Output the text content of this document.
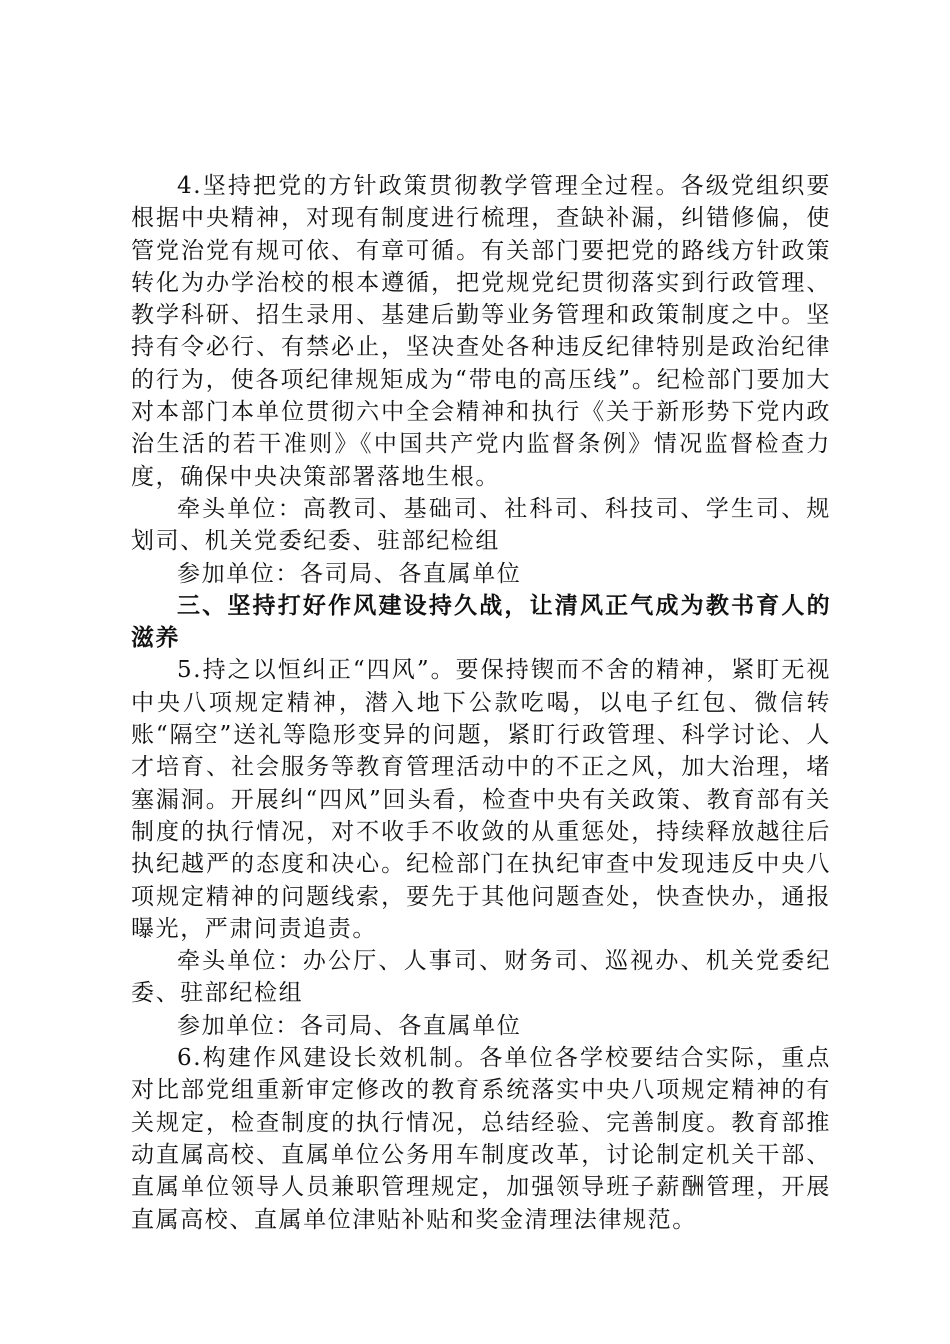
4.坚持把党的方针政策贯彻教学管理全过程。各级党组织要根据中央精神，对现有制度进行梳理，查缺补漏，纠错修偏，使管党治党有规可依、有章可循。有关部门要把党的路线方针政策转化为办学治校的根本遵循，把党规党纪贯彻落实到行政管理、教学科研、招生录用、基建后勤等业务管理和政策制度之中。坚持有令必行、有禁必止，坚决查处各种违反纪律特别是政治纪律的行为，使各项纪律规矩成为“带电的高压线”。纪检部门要加大对本部门本单位贯彻六中全会精神和执行《关于新形势下党内政治生活的若干准则》《中国共产党内监督条例》情况监督检查力度，确保中央决策部署落地生根。

牵头单位：高教司、基础司、社科司、科技司、学生司、规划司、机关党委纪委、驻部纪检组

参加单位：各司局、各直属单位

三、坚持打好作风建设持久战，让清风正气成为教书育人的滋养

5.持之以恒纠正“四风”。要保持锲而不舍的精神，紧盯无视中央八项规定精神，潜入地下公款吃喝，以电子红包、微信转账“隔空”送礼等隐形变异的问题，紧盯行政管理、科学讨论、人才培育、社会服务等教育管理活动中的不正之风，加大治理，堵塞漏洞。开展纠“四风”回头看，检查中央有关政策、教育部有关制度的执行情况，对不收手不收敛的从重惩处，持续释放越往后执纪越严的态度和决心。纪检部门在执纪审查中发现违反中央八项规定精神的问题线索，要先于其他问题查处，快查快办，通报曝光，严肃问责追责。

牵头单位：办公厅、人事司、财务司、巡视办、机关党委纪委、驻部纪检组

参加单位：各司局、各直属单位

6.构建作风建设长效机制。各单位各学校要结合实际，重点对比部党组重新审定修改的教育系统落实中央八项规定精神的有关规定，检查制度的执行情况，总结经验、完善制度。教育部推动直属高校、直属单位公务用车制度改革，讨论制定机关干部、直属单位领导人员兼职管理规定，加强领导班子薪酬管理，开展直属高校、直属单位津贴补贴和奖金清理法律规范。
